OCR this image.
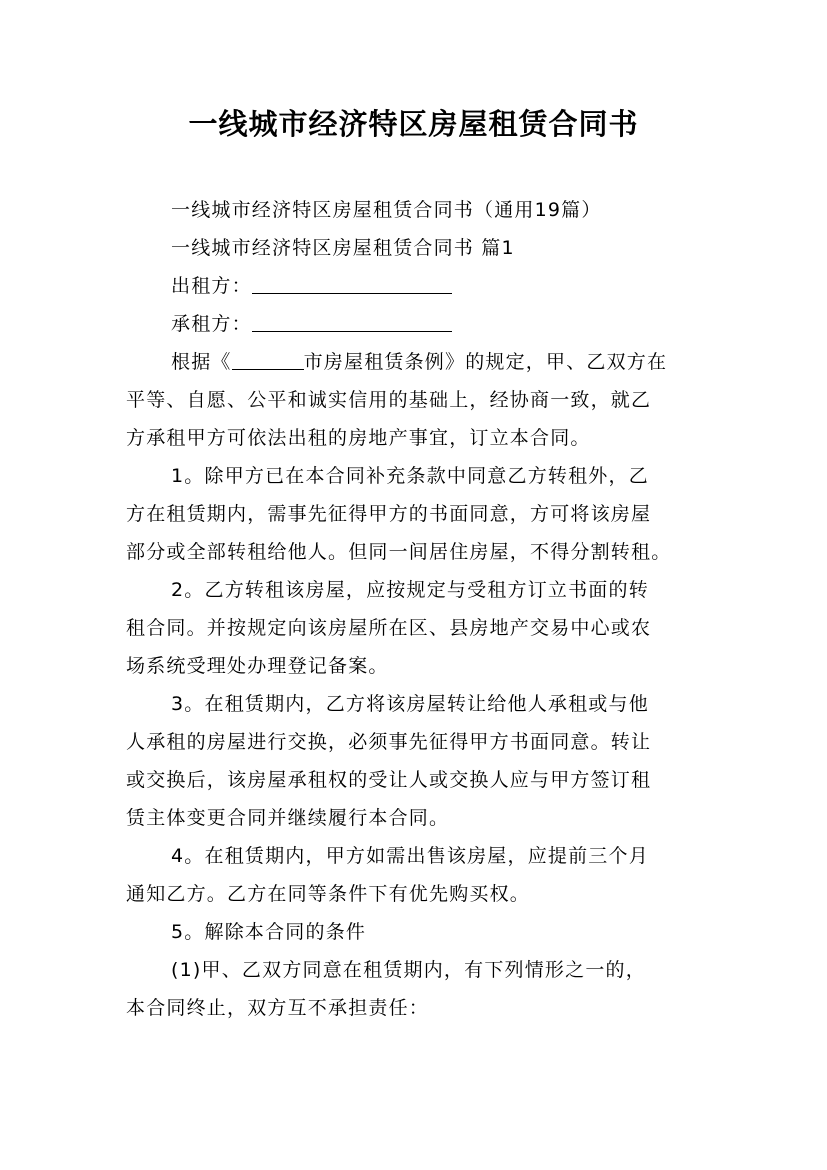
一线城市经济特区房屋租赁合同书

一线城市经济特区房屋租赁合同书（通用19篇）

一线城市经济特区房屋租赁合同书 篇1

出租方：

承租方：

根据《	市房屋租赁条例》的规定，甲、乙双方在

平等、自愿、公平和诚实信用的基础上，经协商一致，就乙

方承租甲方可依法出租的房地产事宜，订立本合同。

1。除甲方已在本合同补充条款中同意乙方转租外，乙

方在租赁期内，需事先征得甲方的书面同意，方可将该房屋

部分或全部转租给他人。但同一间居住房屋，不得分割转租。

2。乙方转租该房屋，应按规定与受租方订立书面的转

租合同。并按规定向该房屋所在区、县房地产交易中心或农

场系统受理处办理登记备案。

3。在租赁期内，乙方将该房屋转让给他人承租或与他

人承租的房屋进行交换，必须事先征得甲方书面同意。转让

或交换后，该房屋承租权的受让人或交换人应与甲方签订租

赁主体变更合同并继续履行本合同。

4。在租赁期内，甲方如需出售该房屋，应提前三个月

通知乙方。乙方在同等条件下有优先购买权。

5。解除本合同的条件

(1)甲、乙双方同意在租赁期内，有下列情形之一的，

本合同终止，双方互不承担责任：
